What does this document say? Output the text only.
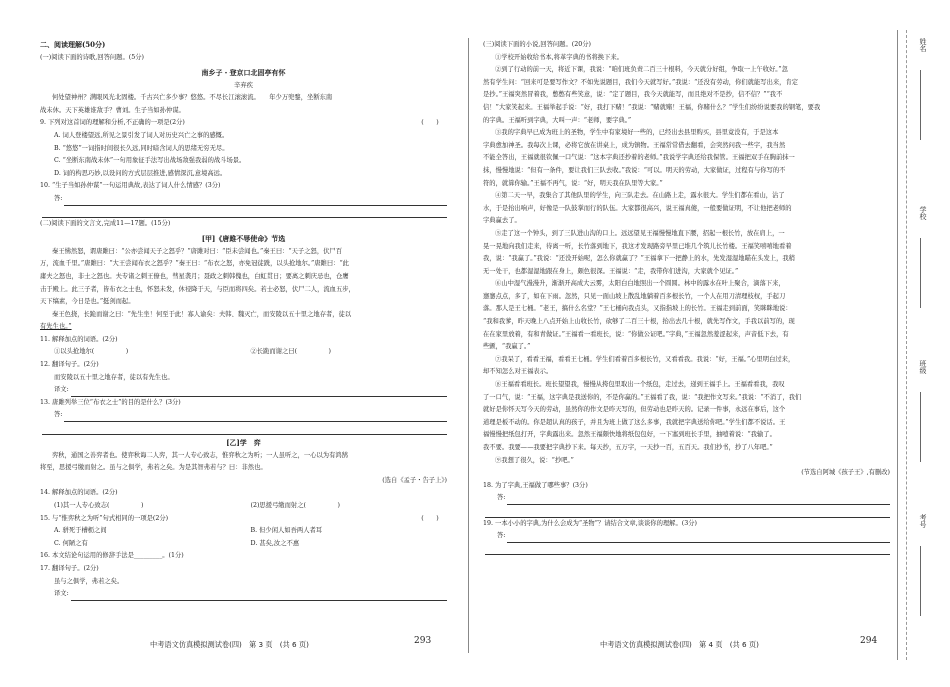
二、阅读理解(50分)
(一)阅读下面的诗歌,回答问题。(5分)
南乡子・登京口北固亭有怀
辛弃疾
何处望神州？满眼风光北固楼。千古兴亡多少事？悠悠。不尽长江滚滚流。　　年少万兜鍪，坐断东南
战未休。天下英雄谁敌手？曹刘。生子当如孙仲谋。
9. 下列对这首词的理解和分析,不正确的一项是(2分)	(　　)
A. 词人登楼望远,所见之景引发了词人对历史兴亡之事的感慨。
B. “悠悠”一词指时间很长久远,同时暗含词人的思绪无穷无尽。
C. “坐断东南战未休”一句用象征手法写出战场敌强我弱的战斗场景。
D. 词的构思巧妙,以设问的方式层层推进,感情深沉,意境高远。
10. “生子当如孙仲谋”一句运用典故,表达了词人什么情感？(3分)
答:
(二)阅读下面的文言文,完成11—17题。(15分)
[甲]《唐雎不辱使命》节选
秦王怫然怒，谓唐雎曰：“公亦尝闻天子之怒乎？”唐雎对曰：“臣未尝闻也。”秦王曰：“天子之怒，伏尸百
万，流血千里。”唐雎曰：“大王尝闻布衣之怒乎？”秦王曰：“布衣之怒，亦免冠徒跣，以头抢地尔。”唐雎曰：“此
庸夫之怒也，非士之怒也。夫专诸之刺王僚也，彗星袭月；聂政之刺韩傀也，白虹贯日；要离之刺庆忌也，仓鹰
击于殿上。此三子者，皆布衣之士也，怀怒未发，休祲降于天，与臣而将四矣。若士必怒，伏尸二人，流血五步，
天下缟素，今日是也。”挺剑而起。
秦王色挠，长跪而谢之曰：“先生坐！何至于此！寡人谕矣：夫韩、魏灭亡，而安陵以五十里之地存者，徒以
有先生也。”
11. 解释加点的词语。(2分)
①以头抢地尔(　　　　　)	②长跪而谢之曰(　　　　　)
12. 翻译句子。(2分)
而安陵以五十里之地存者，徒以有先生也。
译文:
13. 唐雎列举三位“布衣之士”的目的是什么？(3分)
答:
[乙]学　弈
弈秋，通国之善弈者也。使弈秋诲二人弈，其一人专心致志，惟弈秋之为听；一人虽听之，一心以为有鸿鹄
将至，思援弓缴而射之。虽与之俱学，弗若之矣。为是其智弗若与？曰：非然也。
(选自《孟子・告子上》)
14. 解释加点的词语。(2分)
(1)其一人专心致志(　　　　　)	(2)思援弓缴而射之(　　　　　)
15. 与“惟弈秋之为听”句式相同的一项是(2分)	(　　)
A. 骈死于槽枥之间	B. 但少闲人如吾两人者耳
C. 何陋之有	D. 甚矣,汝之不惠
16. 本文结论句运用的修辞手法是_________。(1分)
17. 翻译句子。(2分)
虽与之俱学，弗若之矣。
译文:
中考语文仿真模拟测试卷(四)　第 3 页　(共 6 页)	293
(三)阅读下面的小说,回答问题。(20分)
①学校开始收给书本,将革字典的书将换下来。
②到了行动的前一天，将近下课，我说：“咱们班负责二百三十根料，今天就分好组，争取一上午收好。”忽
然有学生问：“回来可是要写作文？不如先说题目，我们今天就写好。”我说：“还没有劳动，你们就能写出来，肯定
是抄。”王福突然冒着我，憋憋有些笑意，说：“定了题目，我今天就能写，而且绝对不是抄，信不信？”“我不
信！”大家笑起来。王福举起手说：“好，我打下赌！”我说：“赌就赌！王福，你赌什么？”学生们纷纷说要我的钢笔，要我
的字典。王福听到字典，大叫一声：“老师，要字典。”
③我的字典早已成为班上的圣物，学生中有家境好一些的，已经出去县里购买，县里竟没有，于是这本
字典愈加神圣。我每次上课，必将它放在讲桌上，成为镇物。王福常常借去翻看，会突然问我一些字，我当然
不能全答出，王福就很钦佩一口气说：“这本字典还抄着的老师。”我说学字典还给我保管。王福把双手在胸前抹一
抹，慢慢地说：“但有一条件，要让我们三队去收。”我说：“可以。明天的劳动，大家做证，过程有与你写的不
符的，就算你输。”王福不再气，说：“好，明天我在队里等大家。”
④第二天一早，我集合了其他队里的学生，向三队走去。在山路上走，露水很大。学生们都在看山，沾了
水，于是抬出响声，好像是一队鼓掌而行的队伍。大家都很高兴，说王福真傻，一般要做证明，不让他把老师的
字典赢去了。
⑤走了这一个钟头，到了三队进山沟的口上。远远望见王福慢慢地直下腰，招起一根长竹，放在肩上，一
晃一晃地向我们走来，待离一听，长竹落到地下，我这才发现路旁早里已堆几个筑儿长竹楼。王福笑嘻嘻地看着
我，说：“我赢了。”我说：“还没开始呢，怎么你就赢了？”王福拿下一把静上的水，先发湿湿地瞄在头发上，我稍
无一处干，也都湿湿地跟在身上，颇色很深。王福说：“走，我带你们进沟，大家就个见证。”
⑥山中湿气漫漫升，渐渐开高成大云雾，太阳白白地照出一个圆圆。林中的露水在叶上聚合，滴落下来，
窸窸点点，多了，如在下雨。忽然，只见一面山坡上散乱地躺着百多根长竹，一个人在用刀清理枝杈，手起刀
落。那人是王七桶。“老王，搞什么名堂？”王七桶向我点头，又指指坡上的长竹。王福走到前面，笑眯眯地说：
“我和我爹，昨天晚上八点开始上山收长竹，砍够了二百三十根，抬出去几十根，就先写作文，手我以前写的，现
在在家里放着，有和青做证。”王福看一看班长，说：“你做公证吧。”字典，”王福忽然羞涩起来，声音低下去，有
些颤，“我赢了。”
⑦我呆了，看看王福，看看王七桶。学生们看着百多根长竹，又看看我。我说：“好，王福。”心里明白过来，
却不知怎么对王福表示。
⑧王福看看班长。班长望望我，慢慢从挎包里取出一个纸包，走过去，递到王福手上。王福看看我，我叹
了一口气，说：“王福，这字典是我送你的，不是你赢的。”王福看了我，说：“我把作文写来。”我说：“不消了，我们
就好是你怀天写今天的劳动，虽然你的作文是昨天写的，但劳动也是昨天的。记录一件事，永远在事后，这个
道理是板不动的。你是超认真的孩子，并且为班上做了这么多事，我就把字典送给你吧。”学生们都不说话。王
福慢慢把纸包打开，字典露出来。忽然王福颇快地将纸包包好，一下塞到班长手里，抽噎着说：“我输了。
我不要。我要——我要把字典抄下来。每天抄，五万字，一天抄一百，五百天。我们抄书，抄了八年吧。”
⑨我想了很久，说：“抄吧。”
(节选自阿城《孩子王》,有删改)
18. 为了字典,王福做了哪些事？(3分)
答:
19. 一本小小的字典,为什么会成为“圣物”？请结合文章,谈谈你的理解。(3分)
答:
中考语文仿真模拟测试卷(四)　第 4 页　(共 6 页)	294
姓名
学校
班级
考号
